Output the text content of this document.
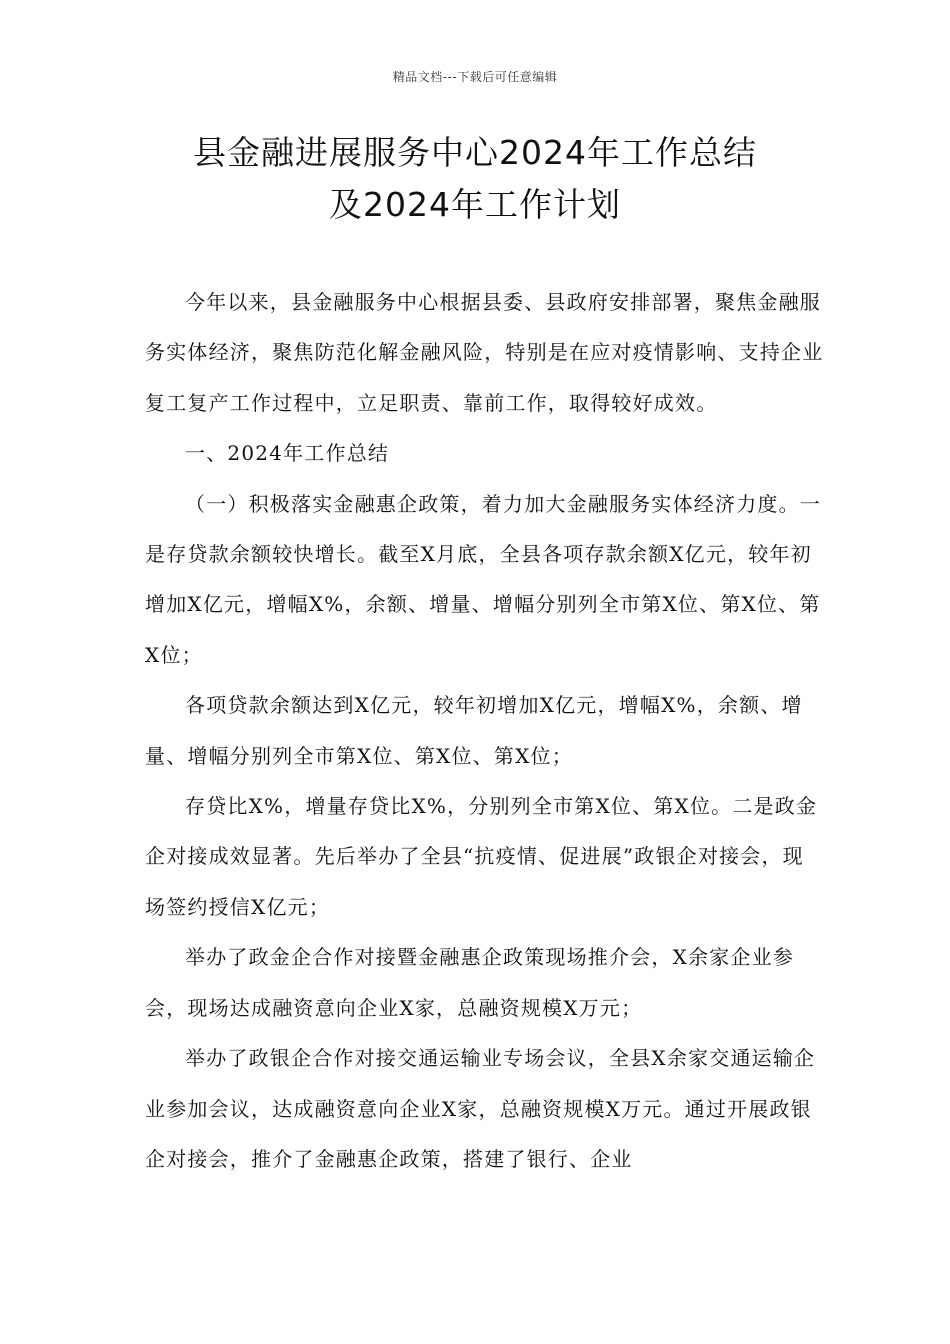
精品文档---下载后可任意编辑
县金融进展服务中心2024年工作总结
及2024年工作计划

今年以来，县金融服务中心根据县委、县政府安排部署，聚焦金融服务实体经济，聚焦防范化解金融风险，特别是在应对疫情影响、支持企业复工复产工作过程中，立足职责、靠前工作，取得较好成效。

一、2024年工作总结

（一）积极落实金融惠企政策，着力加大金融服务实体经济力度。一是存贷款余额较快增长。截至X月底，全县各项存款余额X亿元，较年初增加X亿元，增幅X%，余额、增量、增幅分别列全市第X位、第X位、第X位；

各项贷款余额达到X亿元，较年初增加X亿元，增幅X%，余额、增量、增幅分别列全市第X位、第X位、第X位；

存贷比X%，增量存贷比X%，分别列全市第X位、第X位。二是政金企对接成效显著。先后举办了全县“抗疫情、促进展”政银企对接会，现场签约授信X亿元；

举办了政金企合作对接暨金融惠企政策现场推介会，X余家企业参会，现场达成融资意向企业X家，总融资规模X万元；

举办了政银企合作对接交通运输业专场会议，全县X余家交通运输企业参加会议，达成融资意向企业X家，总融资规模X万元。通过开展政银企对接会，推介了金融惠企政策，搭建了银行、企业
